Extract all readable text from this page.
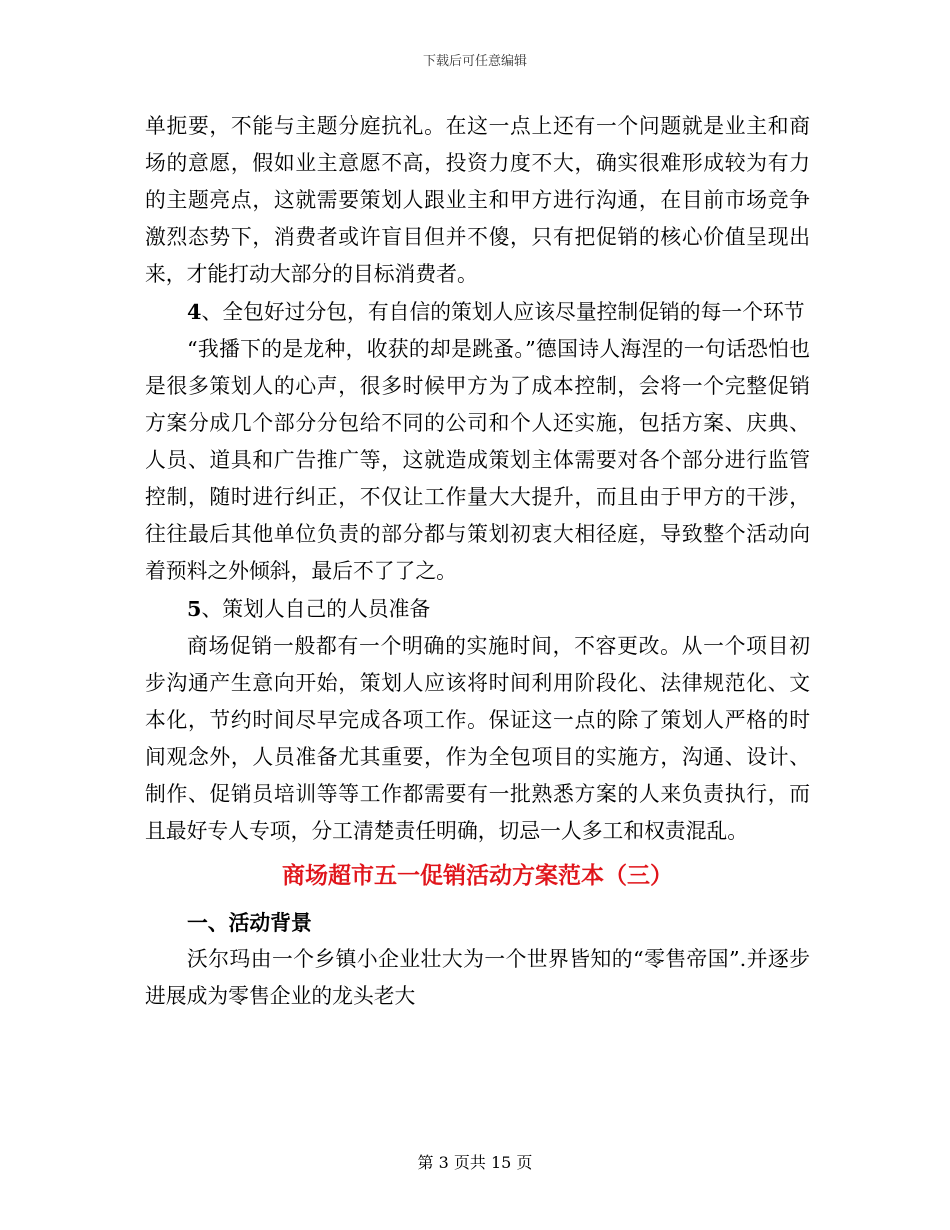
下载后可任意编辑

单扼要，不能与主题分庭抗礼。在这一点上还有一个问题就是业主和商场的意愿，假如业主意愿不高，投资力度不大，确实很难形成较为有力的主题亮点，这就需要策划人跟业主和甲方进行沟通，在目前市场竞争激烈态势下，消费者或许盲目但并不傻，只有把促销的核心价值呈现出来，才能打动大部分的目标消费者。

4、全包好过分包，有自信的策划人应该尽量控制促销的每一个环节

“我播下的是龙种，收获的却是跳蚤。”德国诗人海涅的一句话恐怕也是很多策划人的心声，很多时候甲方为了成本控制，会将一个完整促销方案分成几个部分分包给不同的公司和个人还实施，包括方案、庆典、人员、道具和广告推广等，这就造成策划主体需要对各个部分进行监管控制，随时进行纠正，不仅让工作量大大提升，而且由于甲方的干涉，往往最后其他单位负责的部分都与策划初衷大相径庭，导致整个活动向着预料之外倾斜，最后不了了之。

5、策划人自己的人员准备

商场促销一般都有一个明确的实施时间，不容更改。从一个项目初步沟通产生意向开始，策划人应该将时间利用阶段化、法律规范化、文本化，节约时间尽早完成各项工作。保证这一点的除了策划人严格的时间观念外，人员准备尤其重要，作为全包项目的实施方，沟通、设计、制作、促销员培训等等工作都需要有一批熟悉方案的人来负责执行，而且最好专人专项，分工清楚责任明确，切忌一人多工和权责混乱。

商场超市五一促销活动方案范本（三）

一、活动背景

沃尔玛由一个乡镇小企业壮大为一个世界皆知的“零售帝国”.并逐步进展成为零售企业的龙头老大

第 3 页共 15 页
